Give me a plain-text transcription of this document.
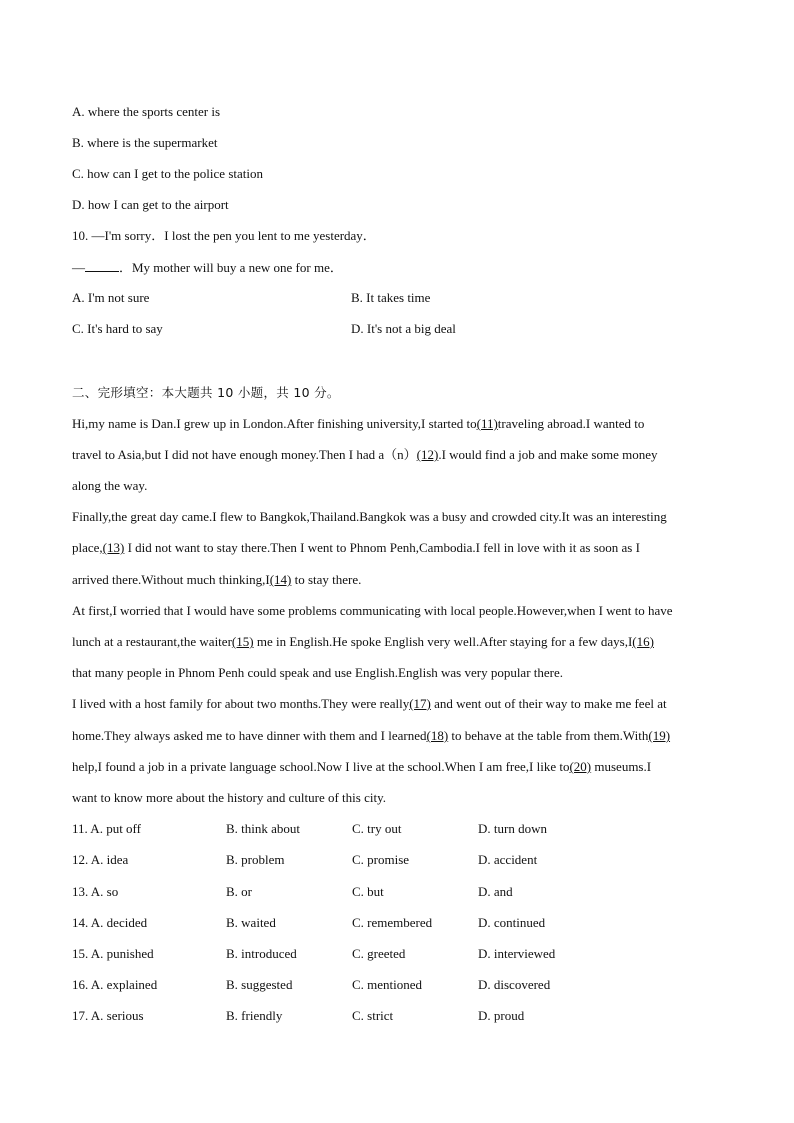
A. where the sports center is
B. where is the supermarket
C. how can I get to the police station
D. how I can get to the airport
10. —I'm sorry．I lost the pen you lent to me yesterday．
—	．My mother will buy a new one for me．
A. I'm not sure	B. It takes time
C. It's hard to say	D. It's not a big deal
二、完形填空：本大题共 10 小题，共 10 分。
Hi,my name is Dan.I grew up in London.After finishing university,I started to(11)traveling abroad.I wanted to
travel to Asia,but I did not have enough money.Then I had a（n）(12).I would find a job and make some money
along the way.
Finally,the great day came.I flew to Bangkok,Thailand.Bangkok was a busy and crowded city.It was an interesting
place,(13) I did not want to stay there.Then I went to Phnom Penh,Cambodia.I fell in love with it as soon as I
arrived there.Without much thinking,I(14) to stay there.
At first,I worried that I would have some problems communicating with local people.However,when I went to have
lunch at a restaurant,the waiter(15) me in English.He spoke English very well.After staying for a few days,I(16)
that many people in Phnom Penh could speak and use English.English was very popular there.
I lived with a host family for about two months.They were really(17) and went out of their way to make me feel at
home.They always asked me to have dinner with them and I learned(18) to behave at the table from them.With(19)
help,I found a job in a private language school.Now I live at the school.When I am free,I like to(20) museums.I
want to know more about the history and culture of this city.
11. A. put off	B. think about	C. try out	D. turn down
12. A. idea	B. problem	C. promise	D. accident
13. A. so	B. or	C. but	D. and
14. A. decided	B. waited	C. remembered	D. continued
15. A. punished	B. introduced	C. greeted	D. interviewed
16. A. explained	B. suggested	C. mentioned	D. discovered
17. A. serious	B. friendly	C. strict	D. proud
